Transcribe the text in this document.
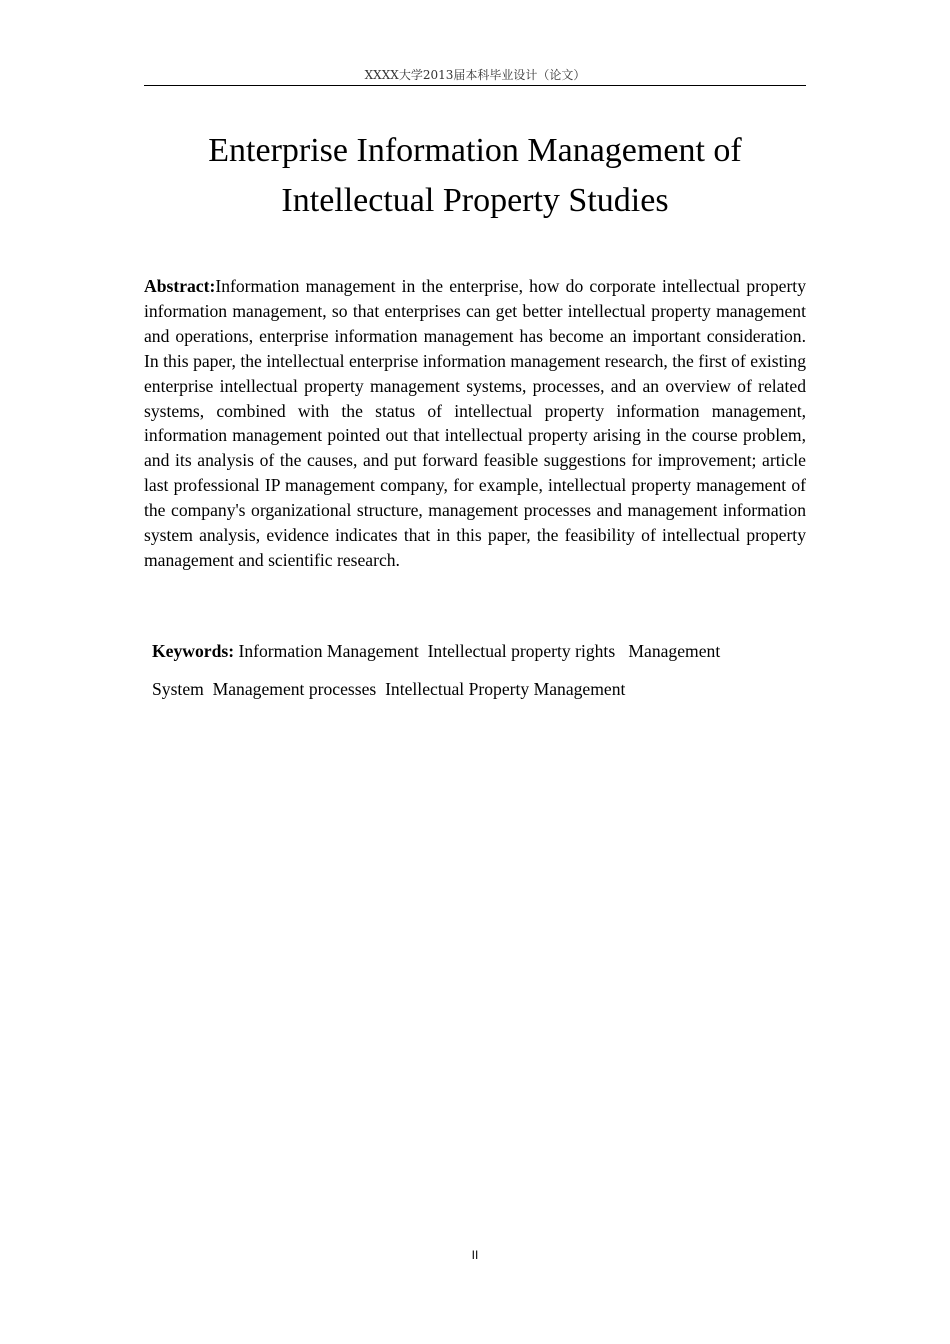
XXXX大学2013届本科毕业设计（论文）
Enterprise Information Management of
Intellectual Property Studies

Abstract:Information management in the enterprise, how do corporate intellectual property information management, so that enterprises can get better intellectual property management and operations, enterprise information management has become an important consideration. In this paper, the intellectual enterprise information management research, the first of existing enterprise intellectual property management systems, processes, and an overview of related systems, combined with the status of intellectual property information management, information management pointed out that intellectual property arising in the course problem, and its analysis of the causes, and put forward feasible suggestions for improvement; article last professional IP management company, for example, intellectual property management of the company's organizational structure, management processes and management information system analysis, evidence indicates that in this paper, the feasibility of intellectual property management and scientific research.

Keywords: Information Management  Intellectual property rights   Management
System  Management processes  Intellectual Property Management

II
